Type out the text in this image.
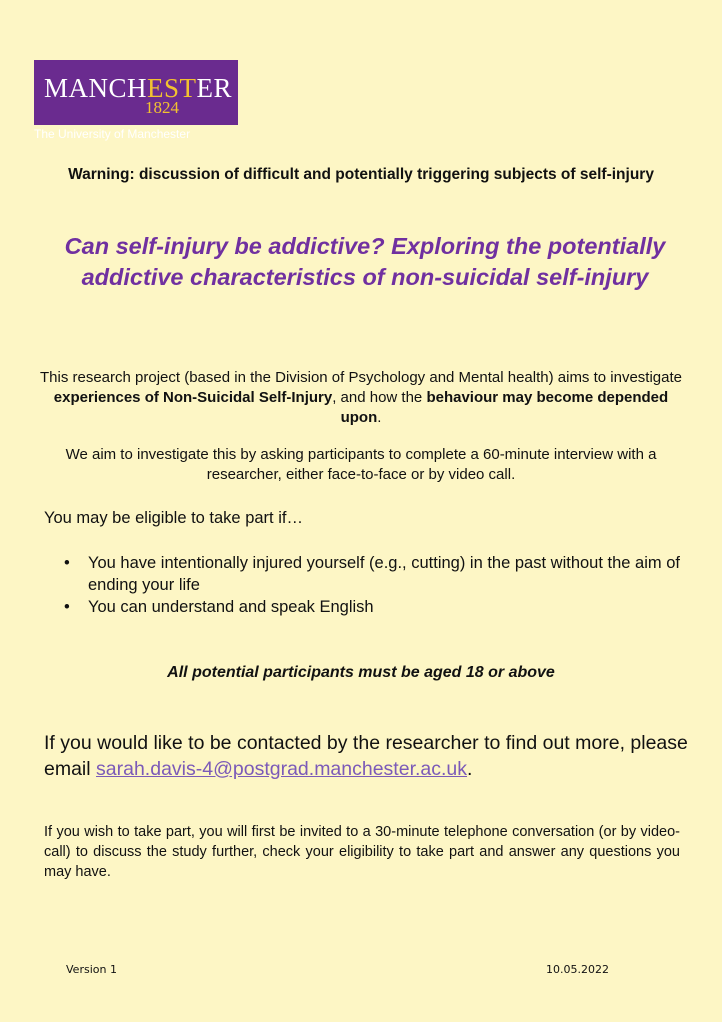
MANCHESTER
1824
The University of Manchester
Warning: discussion of difficult and potentially triggering subjects of self-injury
Can self-injury be addictive? Exploring the potentially addictive characteristics of non-suicidal self-injury
This research project (based in the Division of Psychology and Mental health) aims to investigate experiences of Non-Suicidal Self-Injury, and how the behaviour may become depended upon.
We aim to investigate this by asking participants to complete a 60-minute interview with a researcher, either face-to-face or by video call.
You may be eligible to take part if…
• You have intentionally injured yourself (e.g., cutting) in the past without the aim of ending your life
• You can understand and speak English
All potential participants must be aged 18 or above
If you would like to be contacted by the researcher to find out more, please email sarah.davis-4@postgrad.manchester.ac.uk.
If you wish to take part, you will first be invited to a 30-minute telephone conversation (or by video-call) to discuss the study further, check your eligibility to take part and answer any questions you may have.
Version 1	10.05.2022
